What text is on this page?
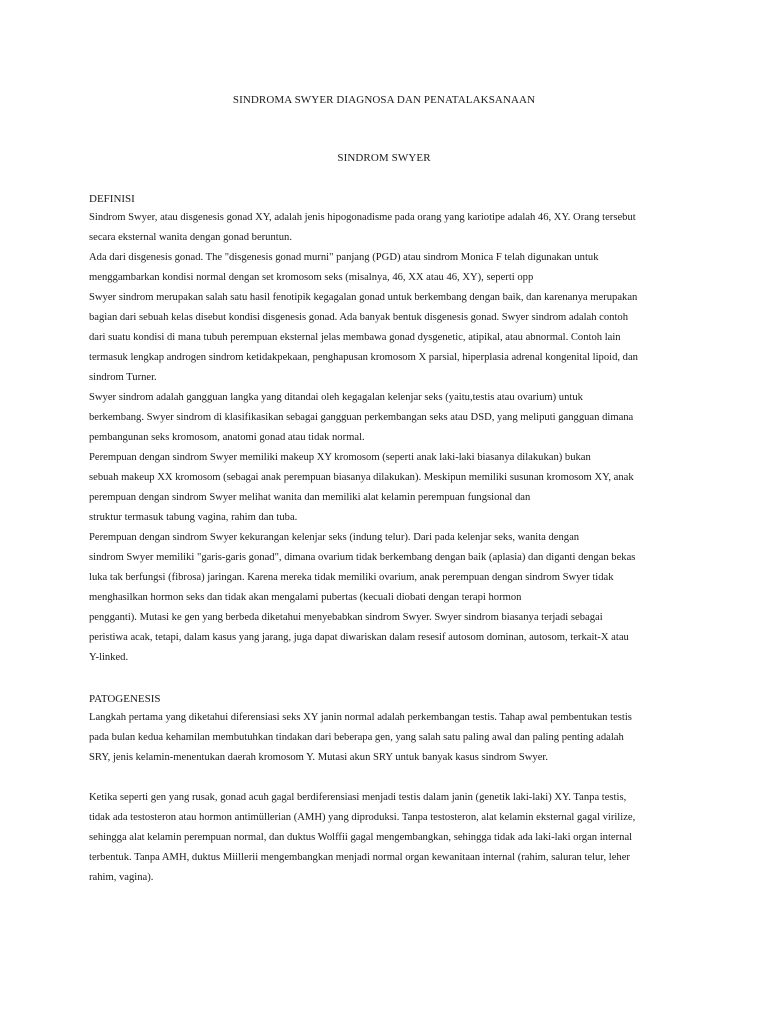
SINDROMA SWYER DIAGNOSA DAN PENATALAKSANAAN
SINDROM SWYER
DEFINISI
Sindrom Swyer, atau disgenesis gonad XY, adalah jenis hipogonadisme pada orang yang kariotipe adalah 46, XY. Orang tersebut
secara eksternal wanita dengan gonad beruntun.
Ada dari disgenesis gonad. The "disgenesis gonad murni" panjang (PGD) atau sindrom Monica F telah digunakan untuk
menggambarkan kondisi normal dengan set kromosom seks (misalnya, 46, XX atau 46, XY), seperti opp
Swyer sindrom merupakan salah satu hasil fenotipik kegagalan gonad untuk berkembang dengan baik, dan karenanya merupakan
bagian dari sebuah kelas disebut kondisi disgenesis gonad. Ada banyak bentuk disgenesis gonad. Swyer sindrom adalah contoh
dari suatu kondisi di mana tubuh perempuan eksternal jelas membawa gonad dysgenetic, atipikal, atau abnormal. Contoh lain
termasuk lengkap androgen sindrom ketidakpekaan, penghapusan kromosom X parsial, hiperplasia adrenal kongenital lipoid, dan
sindrom Turner.
Swyer sindrom adalah gangguan langka yang ditandai oleh kegagalan kelenjar seks (yaitu,testis atau ovarium) untuk
berkembang. Swyer sindrom di klasifikasikan sebagai gangguan perkembangan seks atau DSD, yang meliputi gangguan dimana
pembangunan seks kromosom, anatomi gonad atau tidak normal.
Perempuan dengan sindrom Swyer memiliki makeup XY kromosom (seperti anak laki-laki biasanya dilakukan) bukan
sebuah makeup XX kromosom (sebagai anak perempuan biasanya dilakukan). Meskipun memiliki susunan kromosom XY, anak
perempuan dengan sindrom Swyer melihat wanita dan memiliki alat kelamin perempuan fungsional dan
struktur termasuk tabung vagina, rahim dan tuba.
Perempuan dengan sindrom Swyer kekurangan kelenjar seks (indung telur). Dari pada kelenjar seks, wanita dengan
sindrom Swyer memiliki "garis-garis gonad", dimana ovarium tidak berkembang dengan baik (aplasia) dan diganti dengan bekas
luka tak berfungsi (fibrosa) jaringan. Karena mereka tidak memiliki ovarium, anak perempuan dengan sindrom Swyer tidak
menghasilkan hormon seks dan tidak akan mengalami pubertas (kecuali diobati dengan terapi hormon
pengganti). Mutasi ke gen yang berbeda diketahui menyebabkan sindrom Swyer. Swyer sindrom biasanya terjadi sebagai
peristiwa acak, tetapi, dalam kasus yang jarang, juga dapat diwariskan dalam resesif autosom dominan, autosom, terkait-X atau
Y-linked.
PATOGENESIS
Langkah pertama yang diketahui diferensiasi seks XY janin normal adalah perkembangan testis. Tahap awal pembentukan testis
pada bulan kedua kehamilan membutuhkan tindakan dari beberapa gen, yang salah satu paling awal dan paling penting adalah
SRY, jenis kelamin-menentukan daerah kromosom Y. Mutasi akun SRY untuk banyak kasus sindrom Swyer.
Ketika seperti gen yang rusak, gonad acuh gagal berdiferensiasi menjadi testis dalam janin (genetik laki-laki) XY. Tanpa testis,
tidak ada testosteron atau hormon antimüllerian (AMH) yang diproduksi. Tanpa testosteron, alat kelamin eksternal gagal virilize,
sehingga alat kelamin perempuan normal, dan duktus Wolffii gagal mengembangkan, sehingga tidak ada laki-laki organ internal
terbentuk. Tanpa AMH, duktus Miillerii mengembangkan menjadi normal organ kewanitaan internal (rahim, saluran telur, leher
rahim, vagina).
